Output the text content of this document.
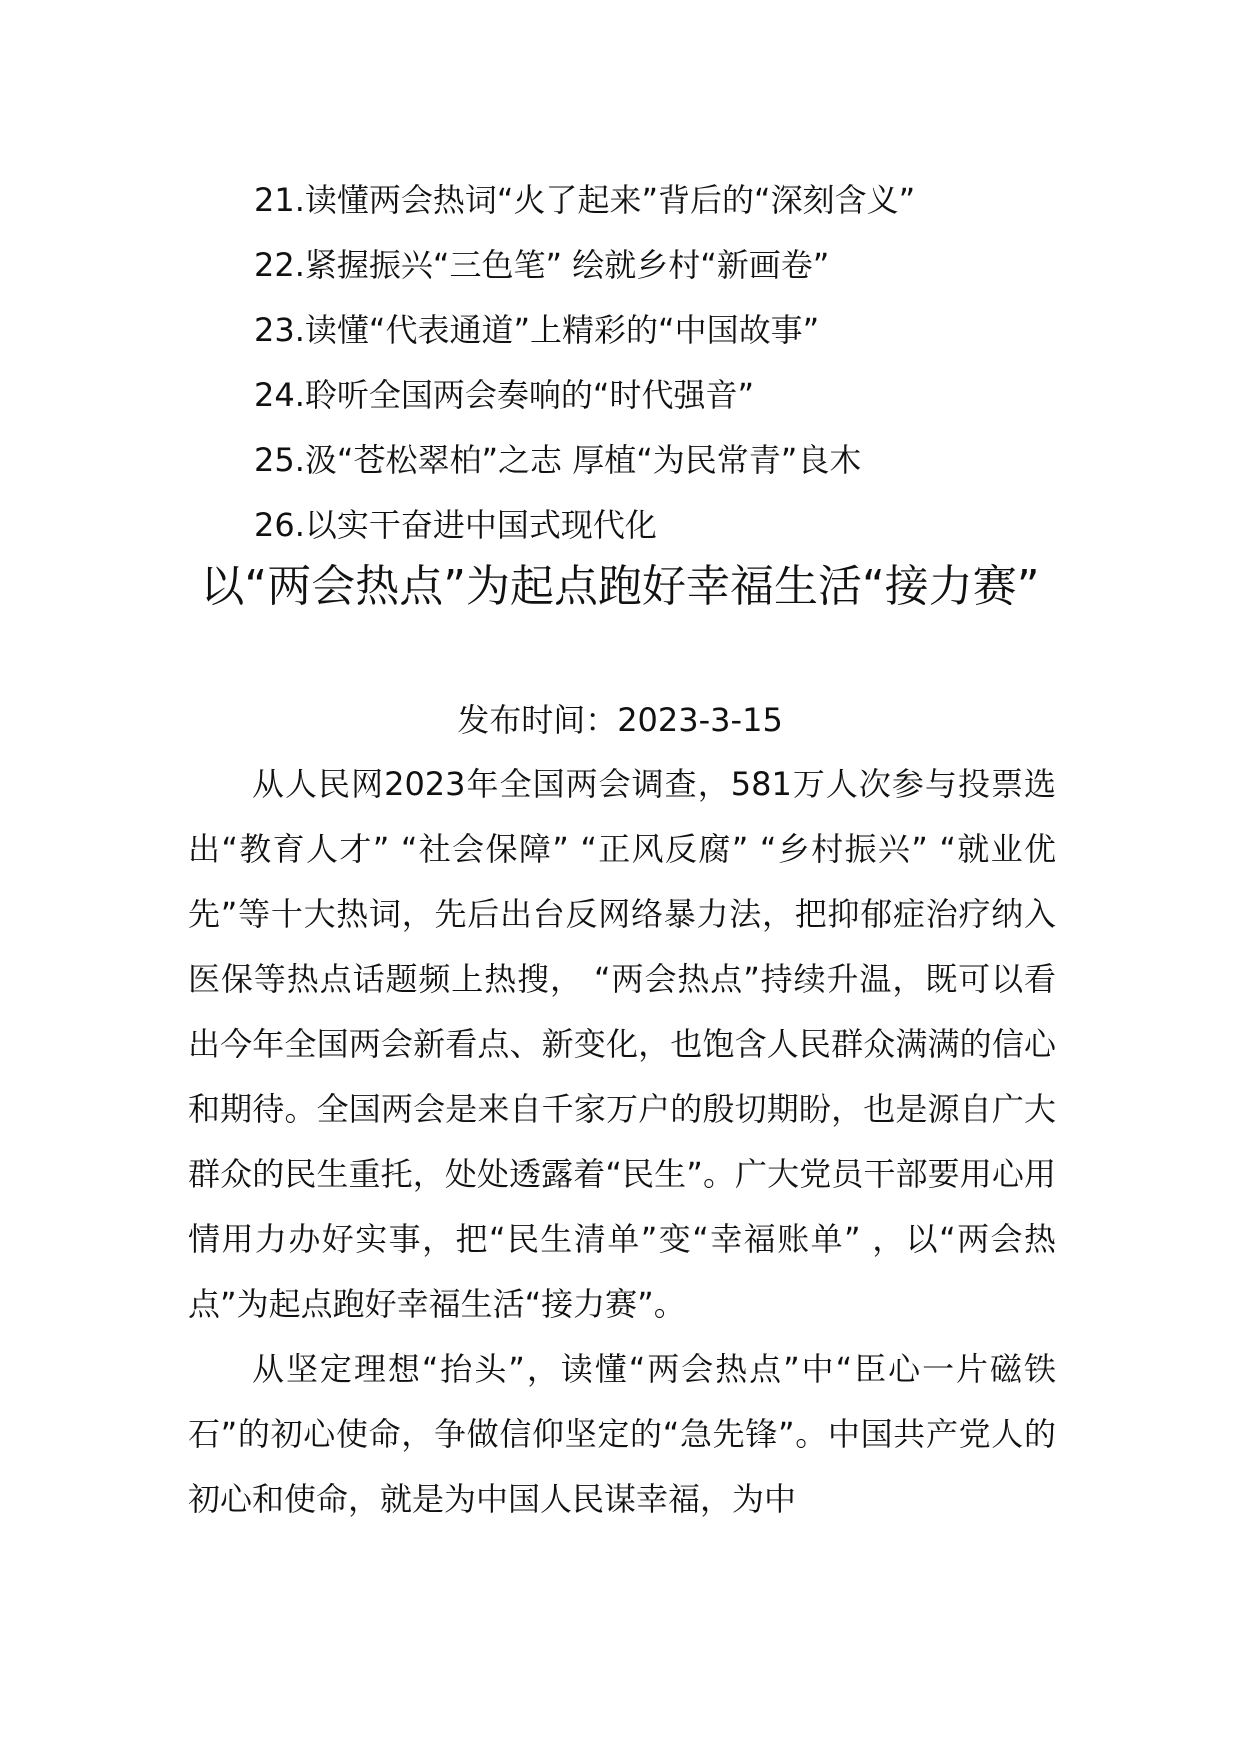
21.读懂两会热词“火了起来”背后的“深刻含义”
22.紧握振兴“三色笔” 绘就乡村“新画卷”
23.读懂“代表通道”上精彩的“中国故事”
24.聆听全国两会奏响的“时代强音”
25.汲“苍松翠柏”之志 厚植“为民常青”良木
26.以实干奋进中国式现代化
以“两会热点”为起点跑好幸福生活“接力赛”
发布时间：2023-3-15

从人民网2023年全国两会调查，581万人次参与投票选出“教育人才” “社会保障” “正风反腐” “乡村振兴” “就业优先”等十大热词，先后出台反网络暴力法，把抑郁症治疗纳入医保等热点话题频上热搜， “两会热点”持续升温，既可以看出今年全国两会新看点、新变化，也饱含人民群众满满的信心和期待。全国两会是来自千家万户的殷切期盼，也是源自广大群众的民生重托，处处透露着“民生”。广大党员干部要用心用情用力办好实事，把“民生清单”变“幸福账单” ，以“两会热点”为起点跑好幸福生活“接力赛”。

从坚定理想“抬头”，读懂“两会热点”中“臣心一片磁铁石”的初心使命，争做信仰坚定的“急先锋”。中国共产党人的初心和使命，就是为中国人民谋幸福，为中
